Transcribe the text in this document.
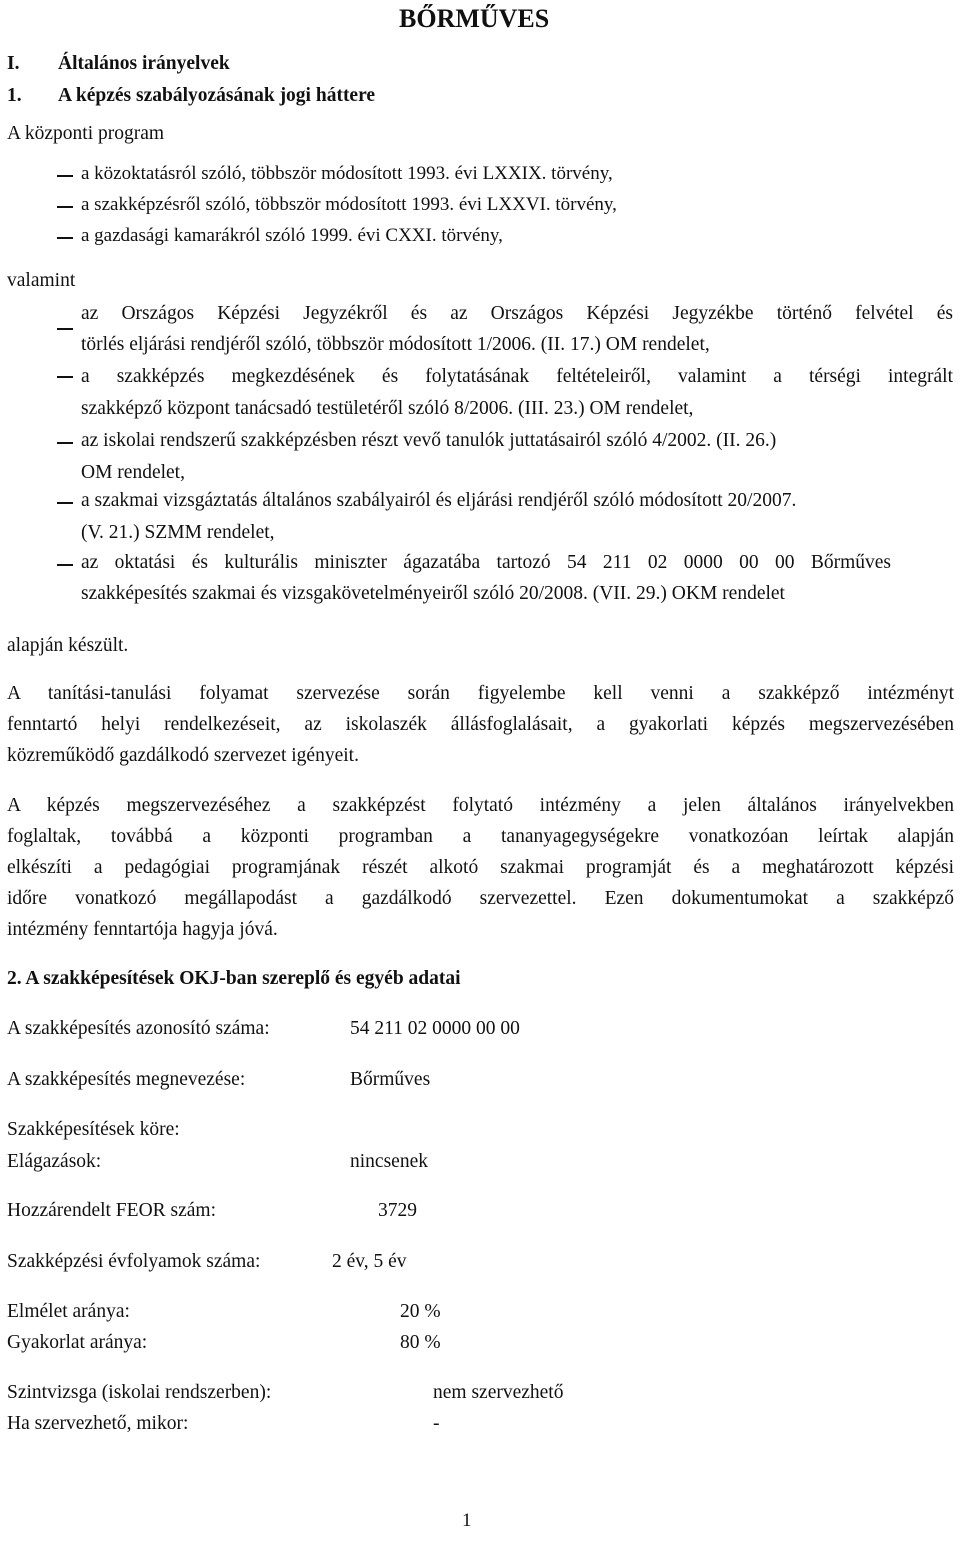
BŐRMŰVES
I. Általános irányelvek
1. A képzés szabályozásának jogi háttere
A központi program
a közoktatásról szóló, többször módosított 1993. évi LXXIX. törvény,
a szakképzésről szóló, többször módosított 1993. évi LXXVI. törvény,
a gazdasági kamarákról szóló 1999. évi CXXI. törvény,
valamint
az Országos Képzési Jegyzékről és az Országos Képzési Jegyzékbe történő felvétel és
törlés eljárási rendjéről szóló, többször módosított 1/2006. (II. 17.) OM rendelet,
a szakképzés megkezdésének és folytatásának feltételeiről, valamint a térségi integrált
szakképző központ tanácsadó testületéről szóló 8/2006. (III. 23.) OM rendelet,
az iskolai rendszerű szakképzésben részt vevő tanulók juttatásairól szóló 4/2002. (II. 26.)
OM rendelet,
a szakmai vizsgáztatás általános szabályairól és eljárási rendjéről szóló módosított 20/2007.
(V. 21.) SZMM rendelet,
az oktatási és kulturális miniszter ágazatába tartozó 54 211 02 0000 00 00 Bőrműves
szakképesítés szakmai és vizsgakövetelményeiről szóló 20/2008. (VII. 29.) OKM rendelet
alapján készült.
A tanítási-tanulási folyamat szervezése során figyelembe kell venni a szakképző intézményt
fenntartó helyi rendelkezéseit, az iskolaszék állásfoglalásait, a gyakorlati képzés megszervezésében
közreműködő gazdálkodó szervezet igényeit.
A képzés megszervezéséhez a szakképzést folytató intézmény a jelen általános irányelvekben
foglaltak, továbbá a központi programban a tananyagegységekre vonatkozóan leírtak alapján
elkészíti a pedagógiai programjának részét alkotó szakmai programját és a meghatározott képzési
időre vonatkozó megállapodást a gazdálkodó szervezettel. Ezen dokumentumokat a szakképző
intézmény fenntartója hagyja jóvá.
2. A szakképesítések OKJ-ban szereplő és egyéb adatai
A szakképesítés azonosító száma:	54 211 02 0000 00 00
A szakképesítés megnevezése:	Bőrműves
Szakképesítések köre:
Elágazások:	nincsenek
Hozzárendelt FEOR szám:	3729
Szakképzési évfolyamok száma:	2 év, 5 év
Elmélet aránya:	20 %
Gyakorlat aránya:	80 %
Szintvizsga (iskolai rendszerben):	nem szervezhető
Ha szervezhető, mikor:	-
1
